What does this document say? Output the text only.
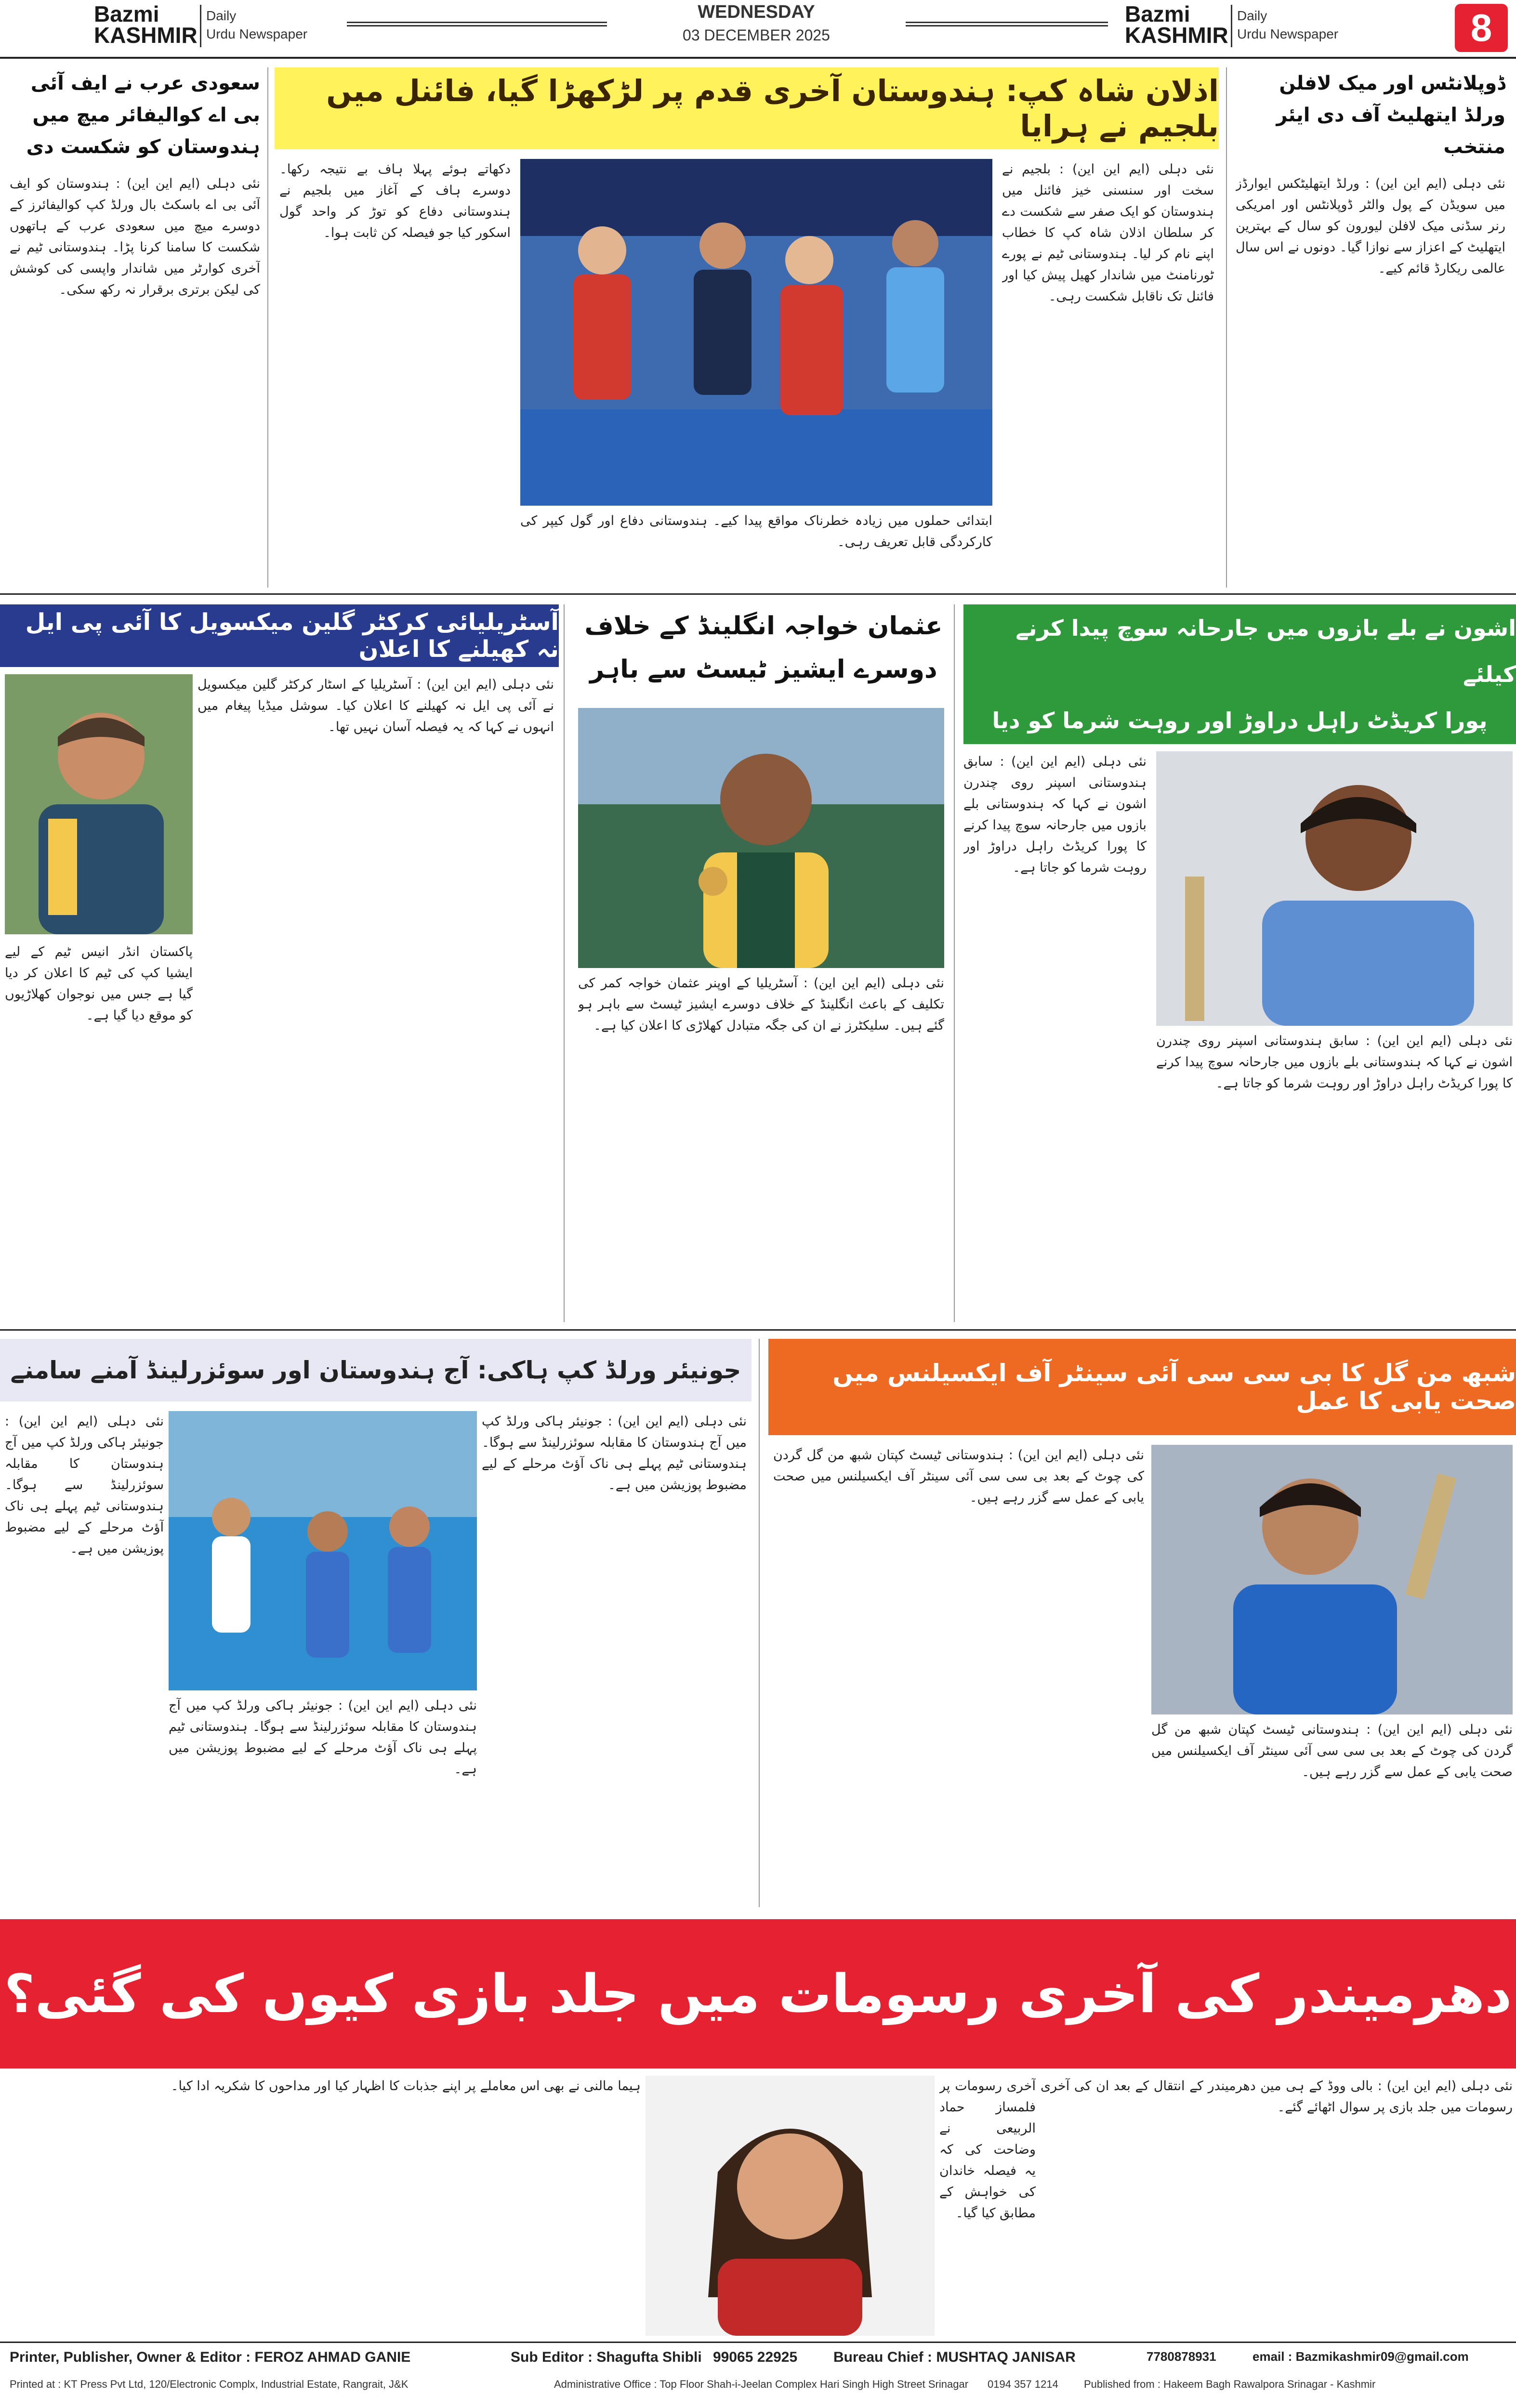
Bazmi
KASHMIR
Daily
Urdu Newspaper
WEDNESDAY
03 DECEMBER 2025
Bazmi
KASHMIR
Daily
Urdu Newspaper	8
سعودی عرب نے ایف آئی بی اے کوالیفائر میچ میں ہندوستان کو شکست دی
نئی دہلی (ایم این این) : ہندوستان کو ایف آئی بی اے باسکٹ بال ورلڈ کپ کوالیفائرز کے دوسرے میچ میں سعودی عرب کے ہاتھوں شکست کا سامنا کرنا پڑا۔ ہندوستانی ٹیم نے آخری کوارٹر میں شاندار واپسی کی کوشش کی لیکن برتری برقرار نہ رکھ سکی۔
اذلان شاہ کپ: ہندوستان آخری قدم پر لڑکھڑا گیا، فائنل میں بلجیم نے ہرایا
نئی دہلی (ایم این این) : بلجیم نے سخت اور سنسنی خیز فائنل میں ہندوستان کو ایک صفر سے شکست دے کر سلطان اذلان شاہ کپ کا خطاب اپنے نام کر لیا۔ ہندوستانی ٹیم نے پورے ٹورنامنٹ میں شاندار کھیل پیش کیا اور فائنل تک ناقابل شکست رہی۔
ابتدائی حملوں میں زیادہ خطرناک مواقع پیدا کیے۔ ہندوستانی دفاع اور گول کیپر کی کارکردگی قابل تعریف رہی۔
دکھاتے ہوئے پہلا ہاف بے نتیجہ رکھا۔ دوسرے ہاف کے آغاز میں بلجیم نے ہندوستانی دفاع کو توڑ کر واحد گول اسکور کیا جو فیصلہ کن ثابت ہوا۔
ڈوپلانٹس اور میک لافلن ورلڈ ایتھلیٹ آف دی ایئر منتخب
نئی دہلی (ایم این این) : ورلڈ ایتھلیٹکس ایوارڈز میں سویڈن کے پول والٹر ڈوپلانٹس اور امریکی رنر سڈنی میک لافلن لیورون کو سال کے بہترین ایتھلیٹ کے اعزاز سے نوازا گیا۔ دونوں نے اس سال عالمی ریکارڈ قائم کیے۔
آسٹریلیائی کرکٹر گلین میکسویل کا آئی پی ایل نہ کھیلنے کا اعلان
نئی دہلی (ایم این این) : آسٹریلیا کے اسٹار کرکٹر گلین میکسویل نے آئی پی ایل نہ کھیلنے کا اعلان کیا۔ سوشل میڈیا پیغام میں انہوں نے کہا کہ یہ فیصلہ آسان نہیں تھا۔
پاکستان انڈر انیس ٹیم کے لیے ایشیا کپ کی ٹیم کا اعلان کر دیا گیا ہے جس میں نوجوان کھلاڑیوں کو موقع دیا گیا ہے۔
عثمان خواجہ انگلینڈ کے خلاف
دوسرے ایشیز ٹیسٹ سے باہر
نئی دہلی (ایم این این) : آسٹریلیا کے اوپنر عثمان خواجہ کمر کی تکلیف کے باعث انگلینڈ کے خلاف دوسرے ایشیز ٹیسٹ سے باہر ہو گئے ہیں۔ سلیکٹرز نے ان کی جگہ متبادل کھلاڑی کا اعلان کیا ہے۔
اشون نے بلے بازوں میں جارحانہ سوچ پیدا کرنے کیلئے
پورا کریڈٹ راہل دراوڑ اور روہت شرما کو دیا
نئی دہلی (ایم این این) : سابق ہندوستانی اسپنر روی چندرن اشون نے کہا کہ ہندوستانی بلے بازوں میں جارحانہ سوچ پیدا کرنے کا پورا کریڈٹ راہل دراوڑ اور روہت شرما کو جاتا ہے۔
نئی دہلی (ایم این این) : سابق ہندوستانی اسپنر روی چندرن اشون نے کہا کہ ہندوستانی بلے بازوں میں جارحانہ سوچ پیدا کرنے کا پورا کریڈٹ راہل دراوڑ اور روہت شرما کو جاتا ہے۔
جونیئر ورلڈ کپ ہاکی: آج ہندوستان اور سوئزرلینڈ آمنے سامنے
نئی دہلی (ایم این این) : جونیئر ہاکی ورلڈ کپ میں آج ہندوستان کا مقابلہ سوئزرلینڈ سے ہوگا۔ ہندوستانی ٹیم پہلے ہی ناک آؤٹ مرحلے کے لیے مضبوط پوزیشن میں ہے۔
نئی دہلی (ایم این این) : جونیئر ہاکی ورلڈ کپ میں آج ہندوستان کا مقابلہ سوئزرلینڈ سے ہوگا۔ ہندوستانی ٹیم پہلے ہی ناک آؤٹ مرحلے کے لیے مضبوط پوزیشن میں ہے۔
نئی دہلی (ایم این این) : جونیئر ہاکی ورلڈ کپ میں آج ہندوستان کا مقابلہ سوئزرلینڈ سے ہوگا۔ ہندوستانی ٹیم پہلے ہی ناک آؤٹ مرحلے کے لیے مضبوط پوزیشن میں ہے۔
شبھ من گل کا بی سی سی آئی سینٹر آف ایکسیلنس میں صحت یابی کا عمل
نئی دہلی (ایم این این) : ہندوستانی ٹیسٹ کپتان شبھ من گل گردن کی چوٹ کے بعد بی سی سی آئی سینٹر آف ایکسیلنس میں صحت یابی کے عمل سے گزر رہے ہیں۔
نئی دہلی (ایم این این) : ہندوستانی ٹیسٹ کپتان شبھ من گل گردن کی چوٹ کے بعد بی سی سی آئی سینٹر آف ایکسیلنس میں صحت یابی کے عمل سے گزر رہے ہیں۔
دھرمیندر کی آخری رسومات میں جلد بازی کیوں کی گئی؟
نئی دہلی (ایم این این) : بالی ووڈ کے ہی مین دھرمیندر کے انتقال کے بعد ان کی آخری رسومات میں جلد بازی پر سوال اٹھائے گئے۔
آخری رسومات پر فلمساز حماد الربیعی نے وضاحت کی کہ یہ فیصلہ خاندان کی خواہش کے مطابق کیا گیا۔
ہیما مالنی نے بھی اس معاملے پر اپنے جذبات کا اظہار کیا اور مداحوں کا شکریہ ادا کیا۔
Printer, Publisher, Owner & Editor : FEROZ AHMAD GANIE	Sub Editor : Shagufta Shibli 99065 22925 Bureau Chief : MUSHTAQ JANISAR	7780878931	email : Bazmikashmir09@gmail.com
Printed at : KT Press Pvt Ltd, 120/Electronic Complx, Industrial Estate, Rangrait, J&K	Administrative Office : Top Floor Shah-i-Jeelan Complex Hari Singh High Street Srinagar 0194 357 1214 Published from : Hakeem Bagh Rawalpora Srinagar - Kashmir
